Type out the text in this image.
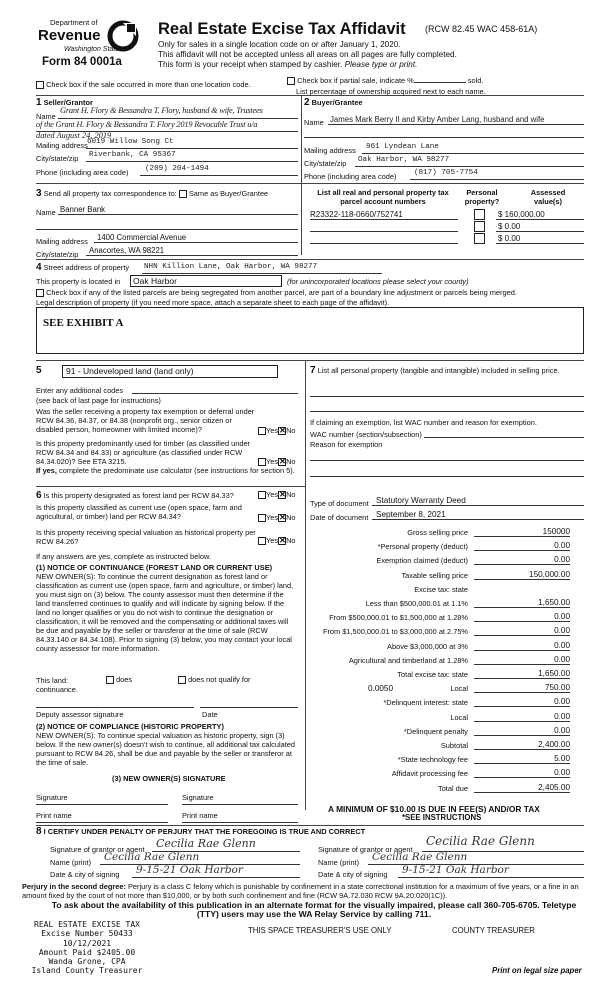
Department of
Revenue
Washington State
Form 84 0001a
Real Estate Excise Tax Affidavit (RCW 82.45 WAC 458-61A)
Only for sales in a single location code on or after January 1, 2020.
This affidavit will not be accepted unless all areas on all pages are fully completed.
This form is your receipt when stamped by cashier. Please type or print.
Check box if the sale occurred in more than one location code.	Check box if partial sale, indicate %	sold.
List percentage of ownership acquired next to each name.
1 Seller/Grantor
Name
Grant H. Flory & Bessandra T. Flory, husband & wife, Trustees
of the Grant H. Flory & Bessandra T. Flory 2019 Revocable Trust u/a
dated August 24, 2019
Mailing address 6019 Willow Song Ct
City/state/zip Riverbank, CA 95367
Phone (including area code) (209) 204-1494
2 Buyer/Grantee
Name James Mark Berry II and Kirby Amber Lang, husband and wife
Mailing address 961 Lyndean Lane
City/state/zip Oak Harbor, WA 98277
Phone (including area code) (817) 705-7754
3 Send all property tax correspondence to: Same as Buyer/Grantee
Name Banner Bank
Mailing address 1400 Commercial Avenue
City/state/zip Anacortes, WA 98221
List all real and personal property tax parcel account numbers
Personal property?
Assessed value(s)
R23322-118-0660/752741	$ 160,000.00
$ 0.00
$ 0.00
4 Street address of property NHN Killion Lane, Oak Harbor, WA 98277
This property is located in	Oak Harbor	(for unincorporated locations please select your county)
Check box if any of the listed parcels are being segregated from another parcel, are part of a boundary line adjustment or parcels being merged.
Legal description of property (if you need more space, attach a separate sheet to each page of the affidavit).
SEE EXHIBIT A
5	91 - Undeveloped land (land only)
Enter any additional codes
(see back of last page for instructions)
Was the seller receiving a property tax exemption or deferral under RCW 84.36, 84.37, or 84.38 (nonprofit org., senior citizen or disabled person, homeowner with limited income)?	Yes ✕ No
Is this property predominantly used for timber (as classified under RCW 84.34 and 84.33) or agriculture (as classified under RCW 84.34.020)? See ETA 3215.	Yes ✕ No
If yes, complete the predominate use calculator (see instructions for section 5).
6 Is this property designated as forest land per RCW 84.33?	Yes ✕ No
Is this property classified as current use (open space, farm and agricultural, or timber) land per RCW 84.34?	Yes ✕ No
Is this property receiving special valuation as historical property per RCW 84.26?	Yes ✕ No
If any answers are yes, complete as instructed below.
(1) NOTICE OF CONTINUANCE (FOREST LAND OR CURRENT USE)
NEW OWNER(S): To continue the current designation as forest land or classification as current use (open space, farm and agriculture, or timber) land, you must sign on (3) below. The county assessor must then determine if the land transferred continues to qualify and will indicate by signing below. If the land no longer qualifies or you do not wish to continue the designation or classification, it will be removed and the compensating or additional taxes will be due and payable by the seller or transferor at the time of sale (RCW 84.33.140 or 84.34.108). Prior to signing (3) below, you may contact your local county assessor for more information.
This land:	does	does not qualify for
continuance.
Deputy assessor signature	Date
(2) NOTICE OF COMPLIANCE (HISTORIC PROPERTY)
NEW OWNER(S): To continue special valuation as historic property, sign (3) below. If the new owner(s) doesn't wish to continue, all additional tax calculated pursuant to RCW 84.26, shall be due and payable by the seller or transferor at the time of sale.
(3) NEW OWNER(S) SIGNATURE
Signature	Signature
Print name	Print name
7 List all personal property (tangible and intangible) included in selling price.
If claiming an exemption, list WAC number and reason for exemption.
WAC number (section/subsection)
Reason for exemption
Type of document Statutory Warranty Deed
Date of document September 8, 2021
Gross selling price	150000
*Personal property (deduct)	0.00
Exemption claimed (deduct)	0.00
Taxable selling price	150,000.00
Excise tax: state
Less than $500,000.01 at 1.1%	1,650.00
From $500,000.01 to $1,500,000 at 1.28%	0.00
From $1,500,000.01 to $3,000,000 at 2.75%	0.00
Above $3,000,000 at 3%	0.00
Agricultural and timberland at 1.28%	0.00
Total excise tax: state	1,650.00
0.0050	Local	750.00
*Delinquent interest: state	0.00
Local	0.00
*Delinquent penalty	0.00
Subtotal	2,400.00
*State technology fee	5.00
Affidavit processing fee	0.00
Total due	2,405.00
A MINIMUM OF $10.00 IS DUE IN FEE(S) AND/OR TAX
*SEE INSTRUCTIONS
8 I CERTIFY UNDER PENALTY OF PERJURY THAT THE FOREGOING IS TRUE AND CORRECT
Signature of grantor or agent Cecilia Rae Glenn
Name (print) Cecilia Rae Glenn
Date & city of signing 9-15-21 Oak Harbor
Signature of grantor or agent
Cecilia Rae Glenn
Name (print) Cecilia Rae Glenn
Date & city of signing 9-15-21 Oak Harbor
Perjury in the second degree: Perjury is a class C felony which is punishable by confinement in a state correctional institution for a maximum of five years, or a fine in an amount fixed by the court of not more than $10,000, or by both such confinement and fine (RCW 9A.72.030 RCW 9A.20.020(1C)).
To ask about the availability of this publication in an alternate format for the visually impaired, please call 360-705-6705. Teletype (TTY) users may use the WA Relay Service by calling 711.
REAL ESTATE EXCISE TAX
Excise Number 50433
10/12/2021
Amount Paid $2405.00
Wanda Grone, CPA
Island County Treasurer
THIS SPACE TREASURER'S USE ONLY	COUNTY TREASURER
Print on legal size paper
